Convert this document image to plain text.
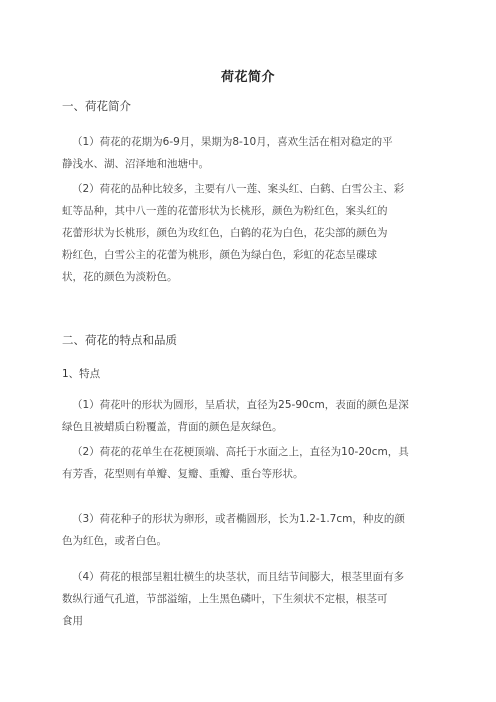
荷花简介
一、荷花简介
（1）荷花的花期为6-9月，果期为8-10月，喜欢生活在相对稳定的平
静浅水、湖、沼泽地和池塘中。
（2）荷花的品种比较多，主要有八一莲、案头红、白鹤、白雪公主、彩
虹等品种，其中八一莲的花蕾形状为长桃形，颜色为粉红色，案头红的
花蕾形状为长桃形，颜色为玫红色，白鹤的花为白色，花尖部的颜色为
粉红色，白雪公主的花蕾为桃形，颜色为绿白色，彩虹的花态呈碟球
状，花的颜色为淡粉色。
二、荷花的特点和品质
1、特点
（1）荷花叶的形状为圆形，呈盾状，直径为25-90cm，表面的颜色是深
绿色且被蜡质白粉覆盖，背面的颜色是灰绿色。
（2）荷花的花单生在花梗顶端、高托于水面之上，直径为10-20cm，具
有芳香，花型则有单瓣、复瓣、重瓣、重台等形状。
（3）荷花种子的形状为卵形，或者椭圆形，长为1.2-1.7cm，种皮的颜
色为红色，或者白色。
（4）荷花的根部呈粗壮横生的块茎状，而且结节间膨大，根茎里面有多
数纵行通气孔道，节部溢缩，上生黑色磷叶，下生须状不定根，根茎可
食用
